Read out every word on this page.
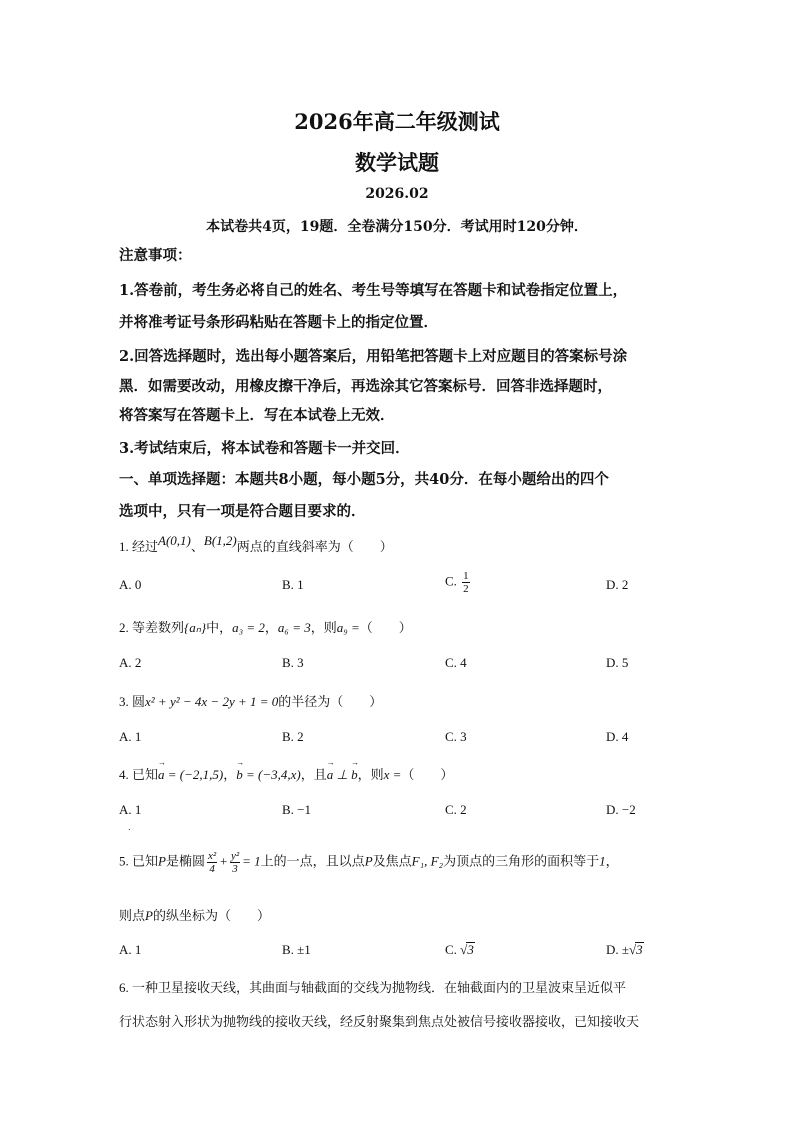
2026年高二年级测试
数学试题
2026.02
本试卷共4页，19题．全卷满分150分．考试用时120分钟．
注意事项：
1.答卷前，考生务必将自己的姓名、考生号等填写在答题卡和试卷指定位置上，
并将准考证号条形码粘贴在答题卡上的指定位置．
2.回答选择题时，选出每小题答案后，用铅笔把答题卡上对应题目的答案标号涂
黑．如需要改动，用橡皮擦干净后，再选涂其它答案标号．回答非选择题时，
将答案写在答题卡上．写在本试卷上无效．
3.考试结束后，将本试卷和答题卡一并交回．
一、单项选择题：本题共8小题，每小题5分，共40分．在每小题给出的四个
选项中，只有一项是符合题目要求的．
1. 经过A(0,1)、B(1,2)两点的直线斜率为（　　）
A. 0	B. 1	C. $\frac{1}{2}$	D. 2
2. 等差数列{aₙ}中，a₃ = 2，a₆ = 3，则a₉ =（　　）
A. 2	B. 3	C. 4	D. 5
3. 圆x² + y² − 4x − 2y + 1 = 0的半径为（　　）
A. 1	B. 2	C. 3	D. 4
4. 已知→ a = (−2,1,5)，→ b = (−3,4,x)，且→ a ⊥ → b，则x =（　　）
A. 1	B. −1	C. 2	D. −2
.
5. 已知P是椭圆 $\frac{\text{x²}}{4} + \frac{\text{y²}}{3} = 1$上的一点，且以点P及焦点F₁, F₂为顶点的三角形的面积等于1，
则点P的纵坐标为（　　）
A. 1	B. ±1	C. √3	D. ±√3
6. 一种卫星接收天线，其曲面与轴截面的交线为抛物线．在轴截面内的卫星波束呈近似平
行状态射入形状为抛物线的接收天线，经反射聚集到焦点处被信号接收器接收，已知接收天
